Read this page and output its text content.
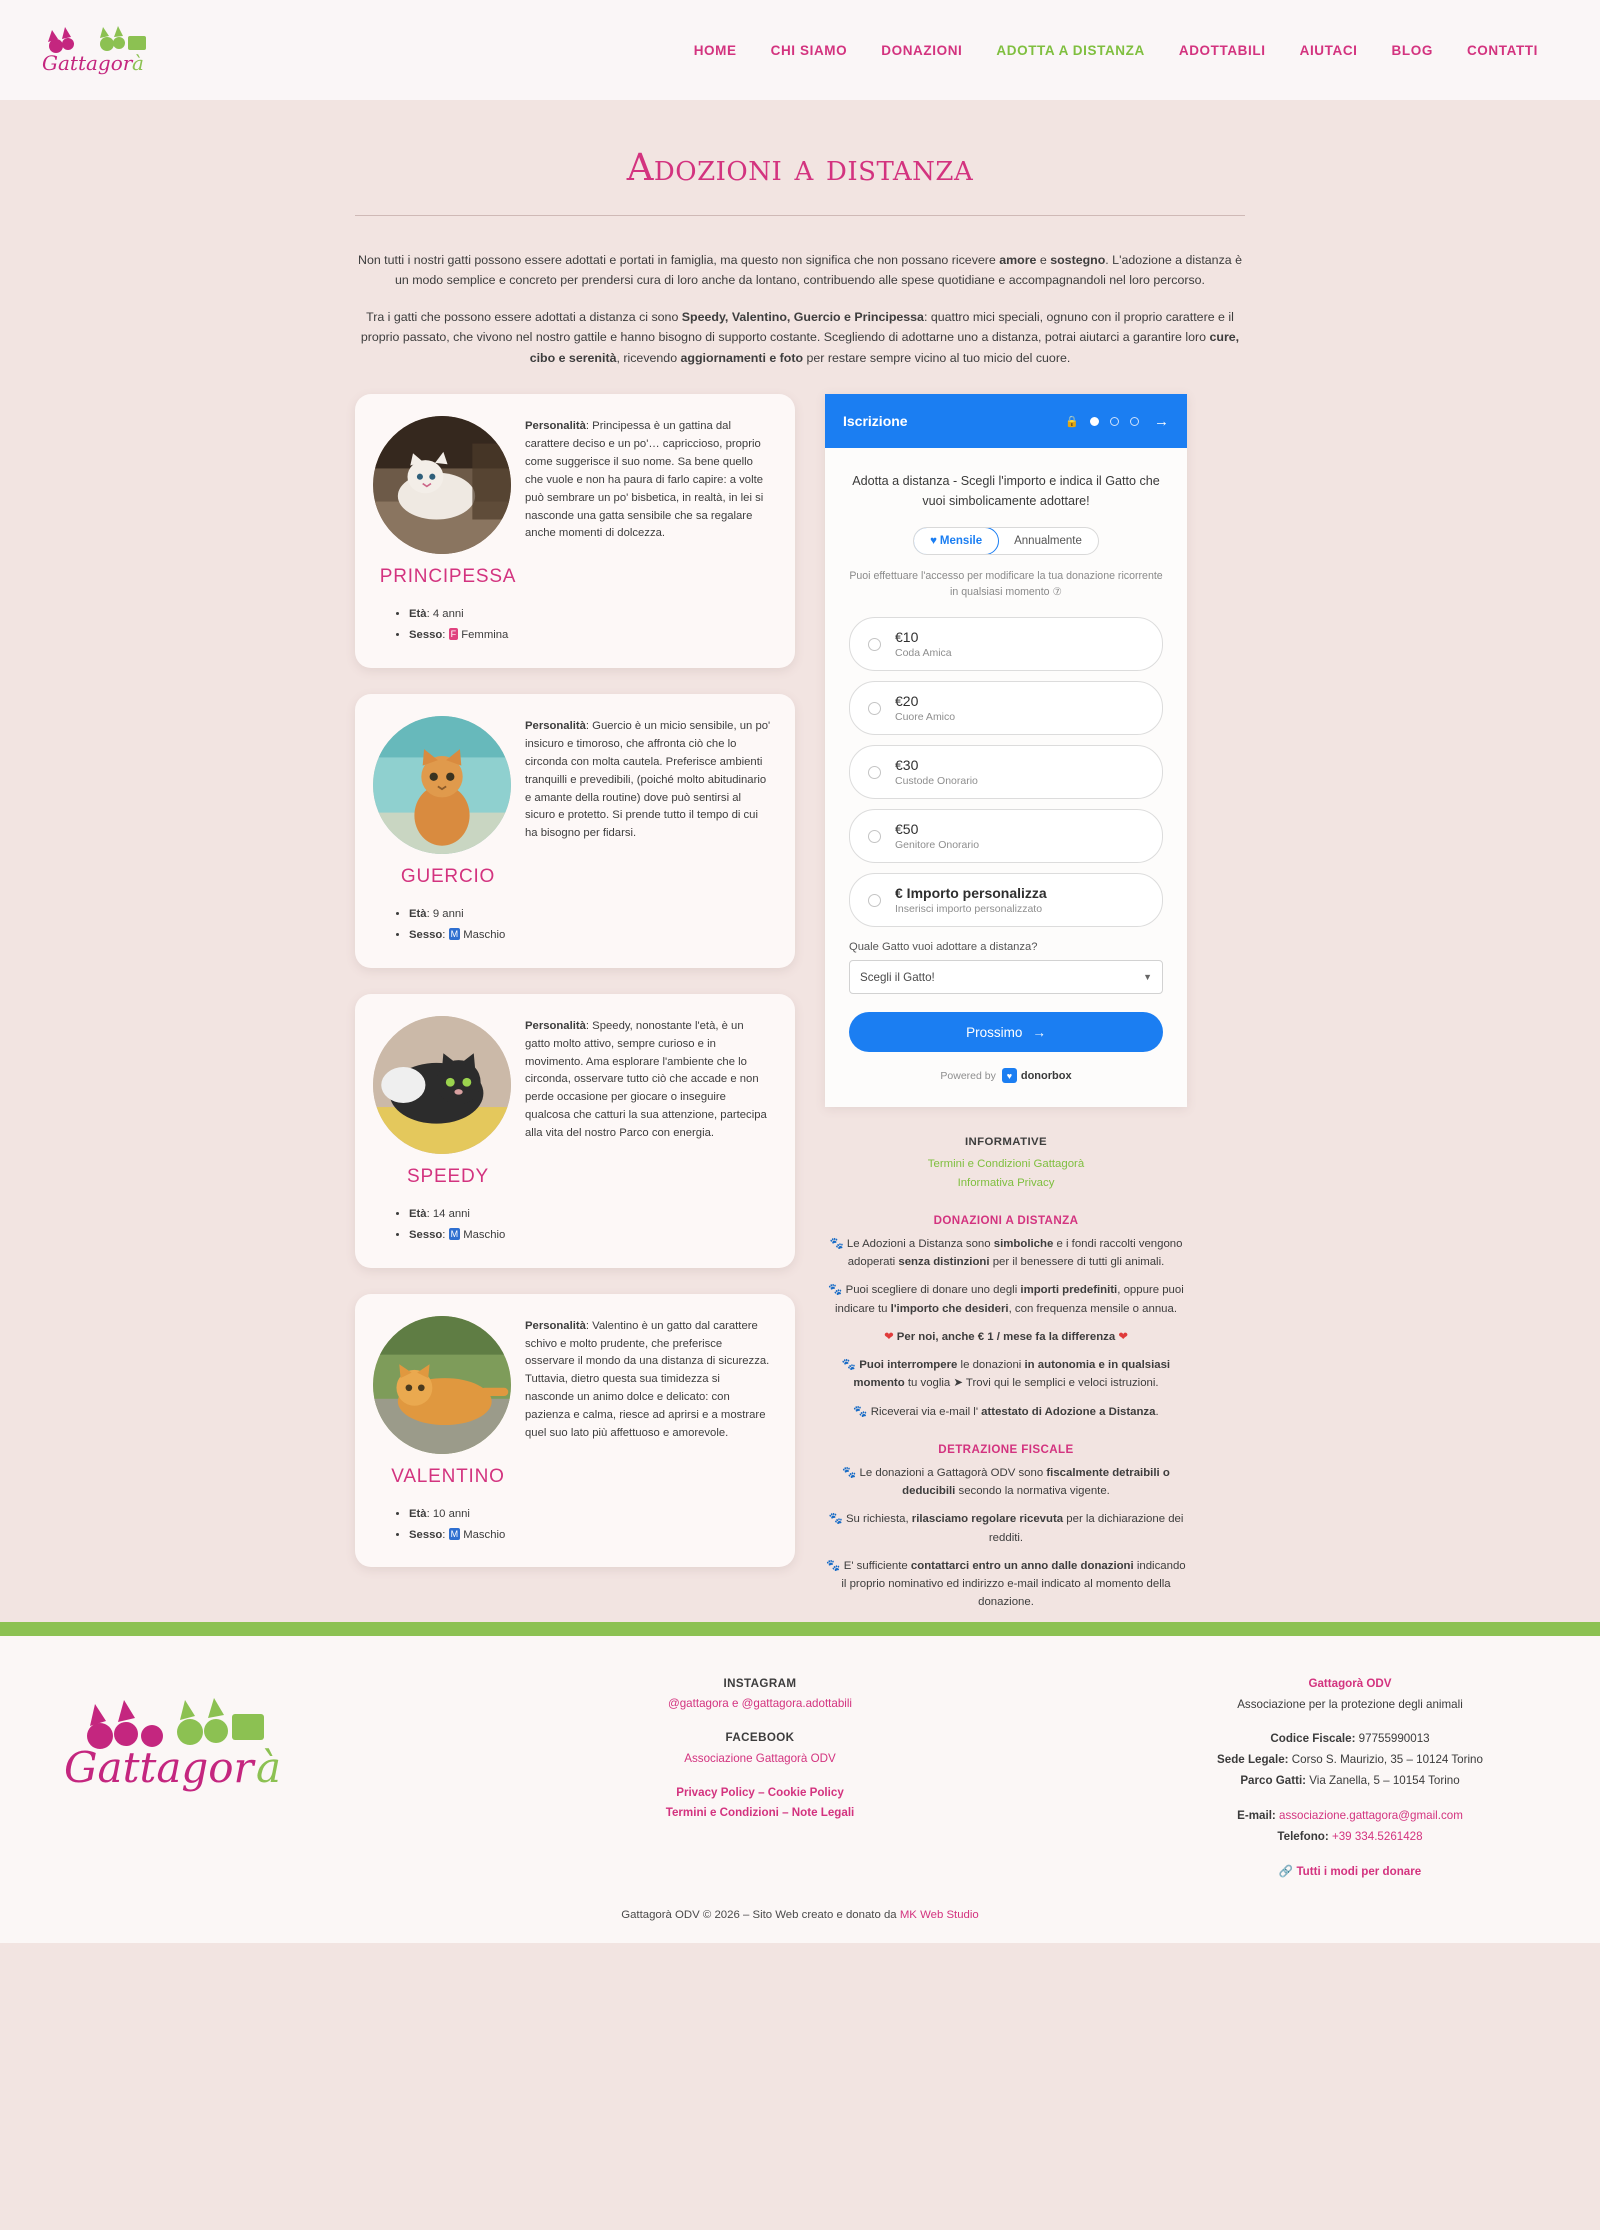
Gattagor à
HOME	CHI SIAMO	DONAZIONI	ADOTTA A DISTANZA	ADOTTABILI	AIUTACI	BLOG	CONTATTI
Adozioni a distanza

Non tutti i nostri gatti possono essere adottati e portati in famiglia, ma questo non significa che non possano ricevere amore e sostegno. L'adozione a distanza è un modo semplice e concreto per prendersi cura di loro anche da lontano, contribuendo alle spese quotidiane e accompagnandoli nel loro percorso.

Tra i gatti che possono essere adottati a distanza ci sono Speedy, Valentino, Guercio e Principessa: quattro mici speciali, ognuno con il proprio carattere e il proprio passato, che vivono nel nostro gattile e hanno bisogno di supporto costante. Scegliendo di adottarne uno a distanza, potrai aiutarci a garantire loro cure, cibo e serenità, ricevendo aggiornamenti e foto per restare sempre vicino al tuo micio del cuore.

Personalità: Principessa è un gattina dal carattere deciso e un po'… capriccioso, proprio come suggerisce il suo nome. Sa bene quello che vuole e non ha paura di farlo capire: a volte può sembrare un po' bisbetica, in realtà, in lei si nasconde una gatta sensibile che sa regalare anche momenti di dolcezza.
PRINCIPESSA
• Età: 4 anni
• Sesso: F Femmina
Personalità: Guercio è un micio sensibile, un po' insicuro e timoroso, che affronta ciò che lo circonda con molta cautela. Preferisce ambienti tranquilli e prevedibili, (poiché molto abitudinario e amante della routine) dove può sentirsi al sicuro e protetto. Si prende tutto il tempo di cui ha bisogno per fidarsi.
GUERCIO
• Età: 9 anni
• Sesso: M Maschio
Personalità: Speedy, nonostante l'età, è un gatto molto attivo, sempre curioso e in movimento. Ama esplorare l'ambiente che lo circonda, osservare tutto ciò che accade e non perde occasione per giocare o inseguire qualcosa che catturi la sua attenzione, partecipa alla vita del nostro Parco con energia.
SPEEDY
• Età: 14 anni
• Sesso: M Maschio
Personalità: Valentino è un gatto dal carattere schivo e molto prudente, che preferisce osservare il mondo da una distanza di sicurezza. Tuttavia, dietro questa sua timidezza si nasconde un animo dolce e delicato: con pazienza e calma, riesce ad aprirsi e a mostrare quel suo lato più affettuoso e amorevole.
VALENTINO
• Età: 10 anni
• Sesso: M Maschio
Iscrizione	🔒	→
Adotta a distanza - Scegli l'importo e indica il Gatto che vuoi simbolicamente adottare!
♥ Mensile	Annualmente
Puoi effettuare l'accesso per modificare la tua donazione ricorrente in qualsiasi momento ⑦
€10
Coda Amica
€20
Cuore Amico
€30
Custode Onorario
€50
Genitore Onorario
€ Importo personalizza
Inserisci importo personalizzato
Quale Gatto vuoi adottare a distanza?
Scegli il Gatto!	▼
Prossimo →
Powered by	♥ donorbox
INFORMATIVE
Termini e Condizioni Gattagorà
Informativa Privacy
DONAZIONI A DISTANZA
🐾 Le Adozioni a Distanza sono simboliche e i fondi raccolti vengono adoperati senza distinzioni per il benessere di tutti gli animali.
🐾 Puoi scegliere di donare uno degli importi predefiniti, oppure puoi indicare tu l'importo che desideri, con frequenza mensile o annua.
❤ Per noi, anche € 1 / mese fa la differenza ❤
🐾 Puoi interrompere le donazioni in autonomia e in qualsiasi momento tu voglia ➤ Trovi qui le semplici e veloci istruzioni.
🐾 Riceverai via e-mail l' attestato di Adozione a Distanza.
DETRAZIONE FISCALE
🐾 Le donazioni a Gattagorà ODV sono fiscalmente detraibili o deducibili secondo la normativa vigente.
🐾 Su richiesta, rilasciamo regolare ricevuta per la dichiarazione dei redditi.
🐾 E' sufficiente contattarci entro un anno dalle donazioni indicando il proprio nominativo ed indirizzo e-mail indicato al momento della donazione.
Gattagor à
INSTAGRAM
@gattagora e @gattagora.adottabili
FACEBOOK
Associazione Gattagorà ODV
Privacy Policy – Cookie Policy
Termini e Condizioni – Note Legali
Gattagorà ODV
Associazione per la protezione degli animali
Codice Fiscale: 97755990013
Sede Legale: Corso S. Maurizio, 35 – 10124 Torino
Parco Gatti: Via Zanella, 5 – 10154 Torino
E-mail: associazione.gattagora@gmail.com
Telefono: +39 334.5261428
🔗 Tutti i modi per donare
Gattagorà ODV © 2026 – Sito Web creato e donato da MK Web Studio
